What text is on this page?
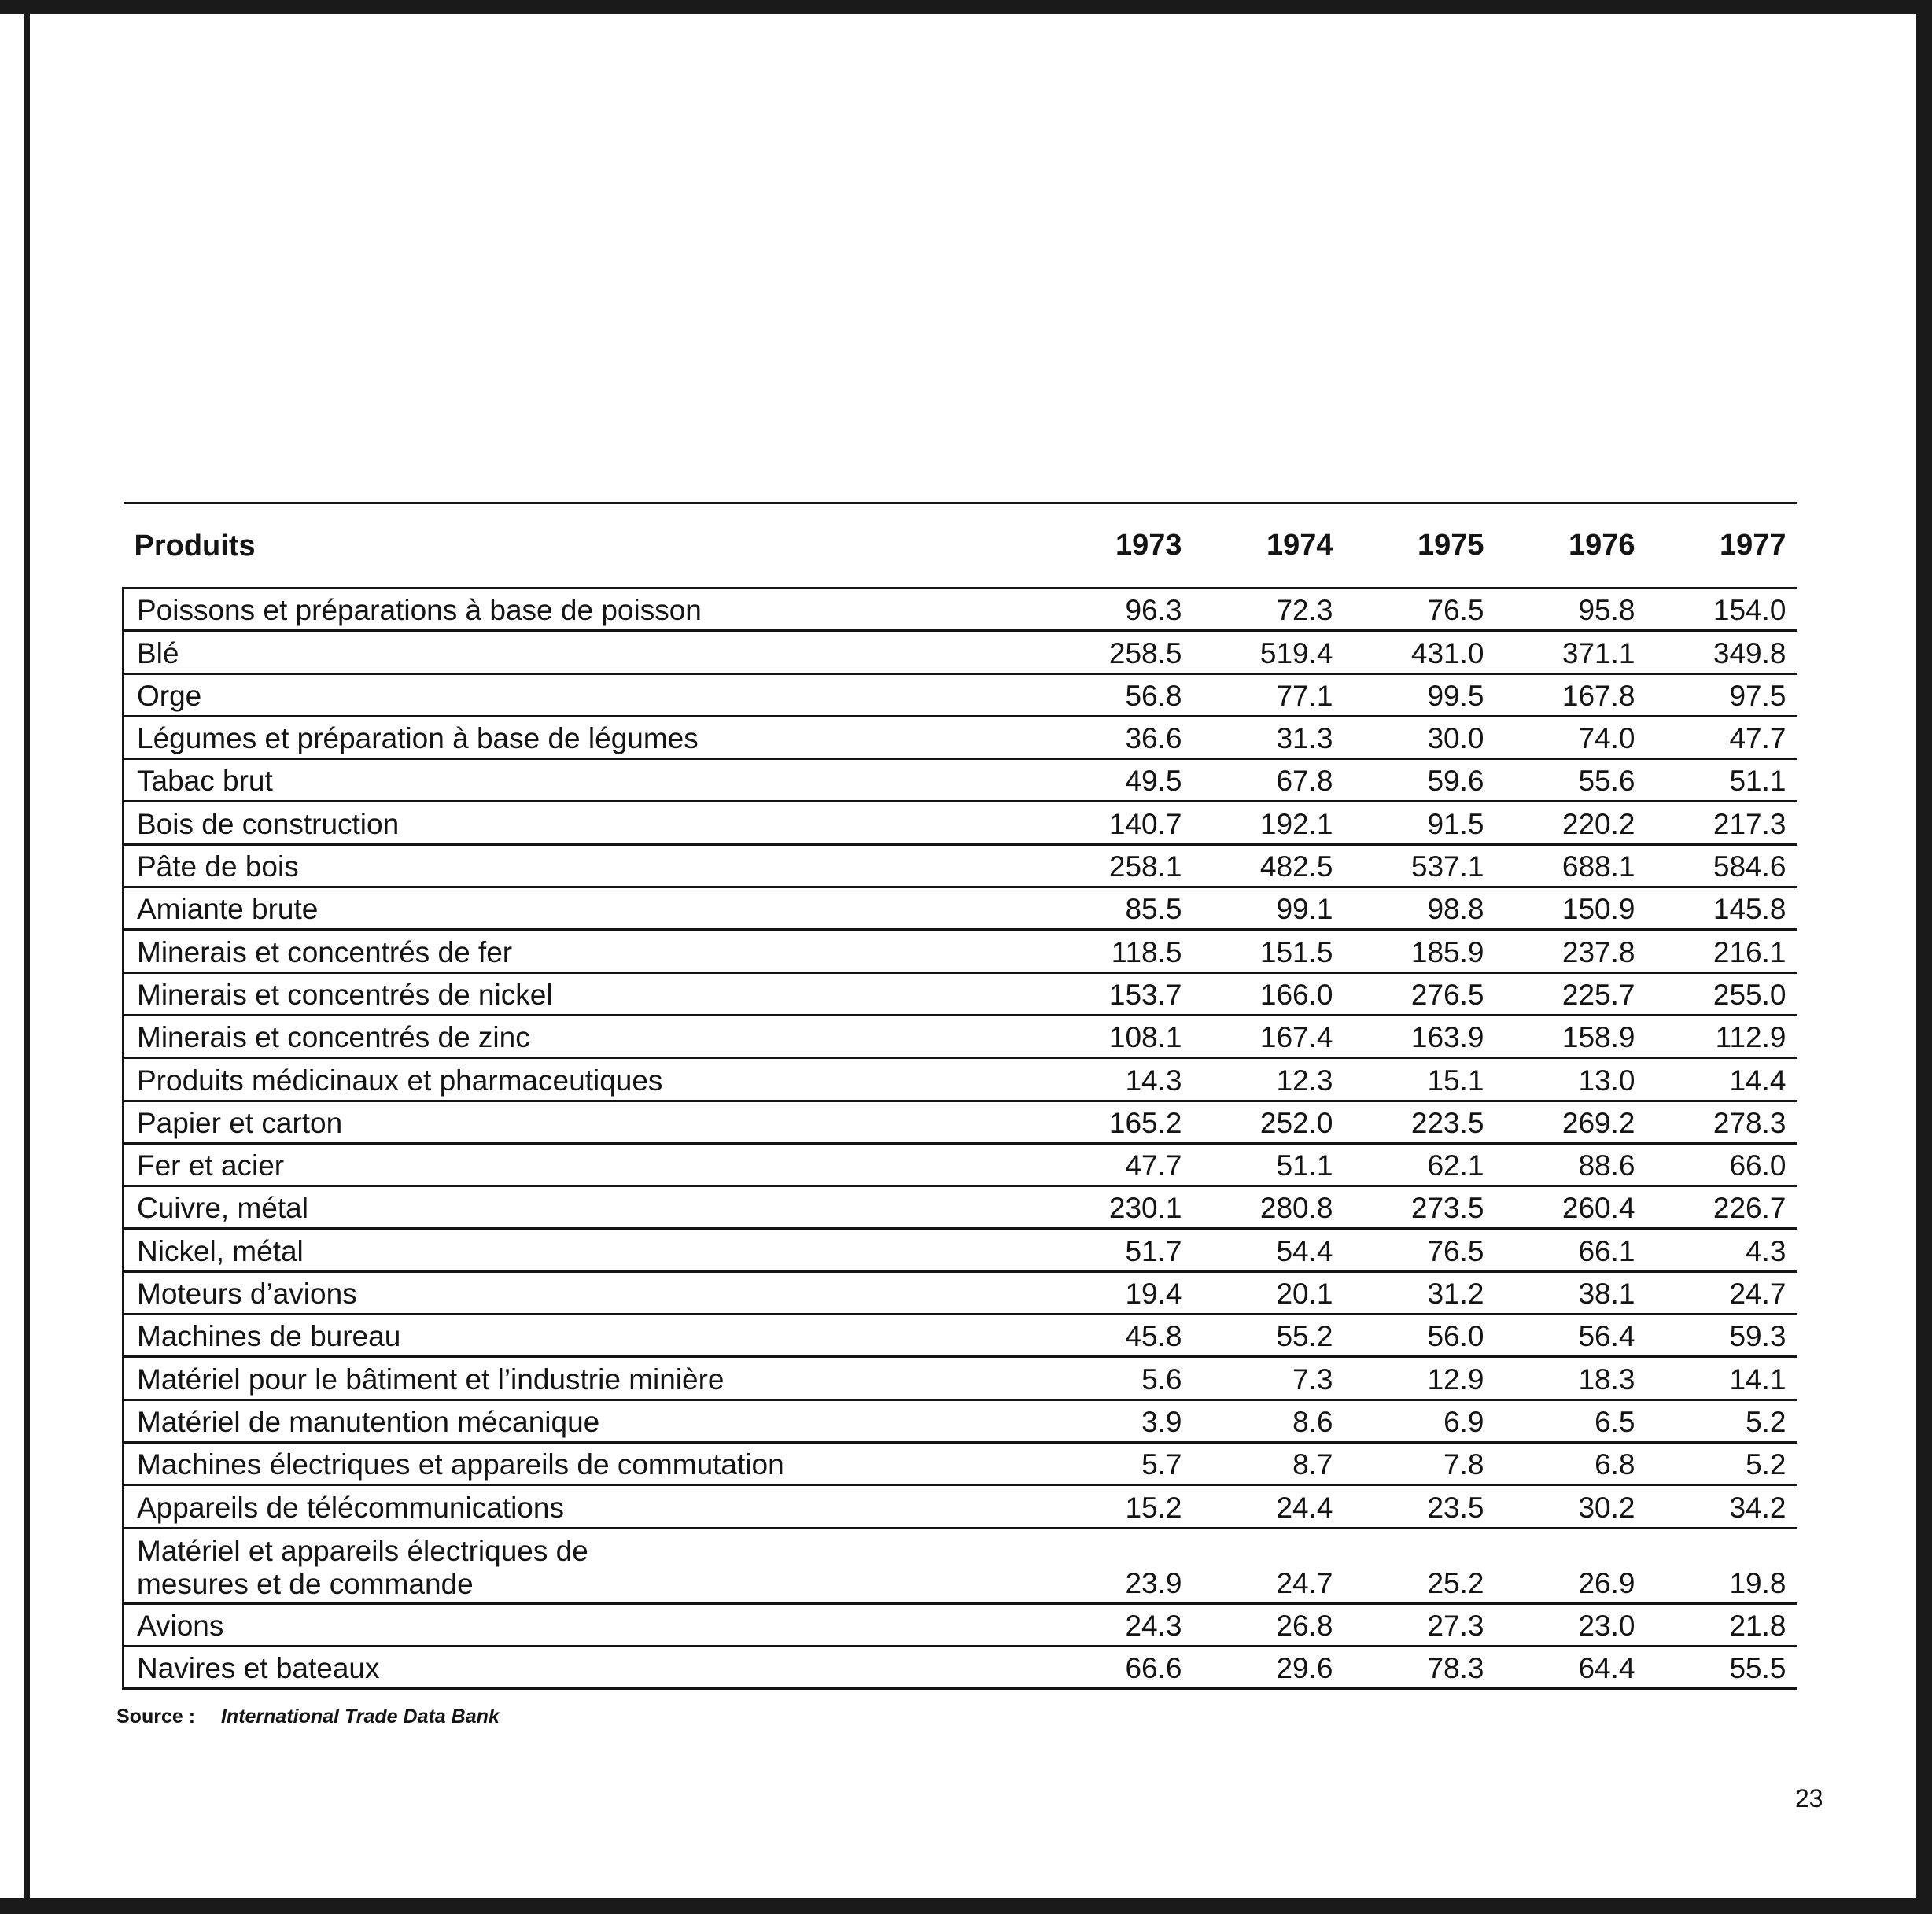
Produits	1973	1974	1975	1976	1977
Poissons et préparations à base de poisson	96.3	72.3	76.5	95.8	154.0
Blé	258.5	519.4	431.0	371.1	349.8
Orge	56.8	77.1	99.5	167.8	97.5
Légumes et préparation à base de légumes	36.6	31.3	30.0	74.0	47.7
Tabac brut	49.5	67.8	59.6	55.6	51.1
Bois de construction	140.7	192.1	91.5	220.2	217.3
Pâte de bois	258.1	482.5	537.1	688.1	584.6
Amiante brute	85.5	99.1	98.8	150.9	145.8
Minerais et concentrés de fer	118.5	151.5	185.9	237.8	216.1
Minerais et concentrés de nickel	153.7	166.0	276.5	225.7	255.0
Minerais et concentrés de zinc	108.1	167.4	163.9	158.9	112.9
Produits médicinaux et pharmaceutiques	14.3	12.3	15.1	13.0	14.4
Papier et carton	165.2	252.0	223.5	269.2	278.3
Fer et acier	47.7	51.1	62.1	88.6	66.0
Cuivre, métal	230.1	280.8	273.5	260.4	226.7
Nickel, métal	51.7	54.4	76.5	66.1	4.3
Moteurs d’avions	19.4	20.1	31.2	38.1	24.7
Machines de bureau	45.8	55.2	56.0	56.4	59.3
Matériel pour le bâtiment et l’industrie minière	5.6	7.3	12.9	18.3	14.1
Matériel de manutention mécanique	3.9	8.6	6.9	6.5	5.2
Machines électriques et appareils de commutation	5.7	8.7	7.8	6.8	5.2
Appareils de télécommunications	15.2	24.4	23.5	30.2	34.2
Matériel et appareils électriques de mesures et de commande	23.9	24.7	25.2	26.9	19.8
Avions	24.3	26.8	27.3	23.0	21.8
Navires et bateaux	66.6	29.6	78.3	64.4	55.5
Source : International Trade Data Bank
23
